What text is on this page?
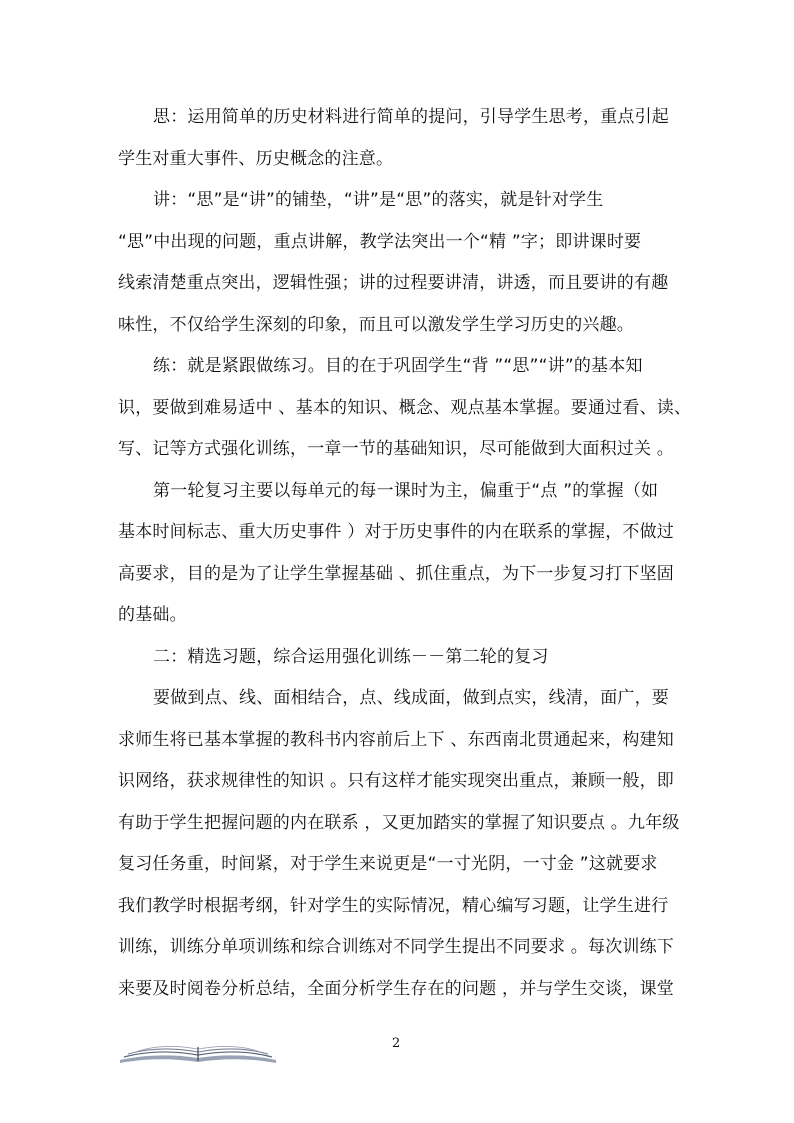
思：运用简单的历史材料进行简单的提问，引导学生思考，重点引起
学生对重大事件、历史概念的注意。
讲：“思”是“讲”的铺垫，“讲”是“思”的落实，就是针对学生
“思”中出现的问题，重点讲解，教学法突出一个“精 ”字；即讲课时要
线索清楚重点突出，逻辑性强；讲的过程要讲清，讲透，而且要讲的有趣
味性，不仅给学生深刻的印象，而且可以激发学生学习历史的兴趣。
练：就是紧跟做练习。目的在于巩固学生“背 ”“思”“讲”的基本知
识，要做到难易适中 、基本的知识、概念、观点基本掌握。要通过看、读、
写、记等方式强化训练，一章一节的基础知识，尽可能做到大面积过关 。
第一轮复习主要以每单元的每一课时为主，偏重于“点 ”的掌握（如
基本时间标志、重大历史事件 ）对于历史事件的内在联系的掌握，不做过
高要求，目的是为了让学生掌握基础 、抓住重点，为下一步复习打下坚固
的基础。
二：精选习题，综合运用强化训练－－第二轮的复习
要做到点、线、面相结合，点、线成面，做到点实，线清，面广，要
求师生将已基本掌握的教科书内容前后上下 、东西南北贯通起来，构建知
识网络，获求规律性的知识 。只有这样才能实现突出重点，兼顾一般，即
有助于学生把握问题的内在联系 ，又更加踏实的掌握了知识要点 。九年级
复习任务重，时间紧，对于学生来说更是“一寸光阴，一寸金 ”这就要求
我们教学时根据考纲，针对学生的实际情况，精心编写习题，让学生进行
训练，训练分单项训练和综合训练对不同学生提出不同要求 。每次训练下
来要及时阅卷分析总结，全面分析学生存在的问题 ，并与学生交谈，课堂
2
